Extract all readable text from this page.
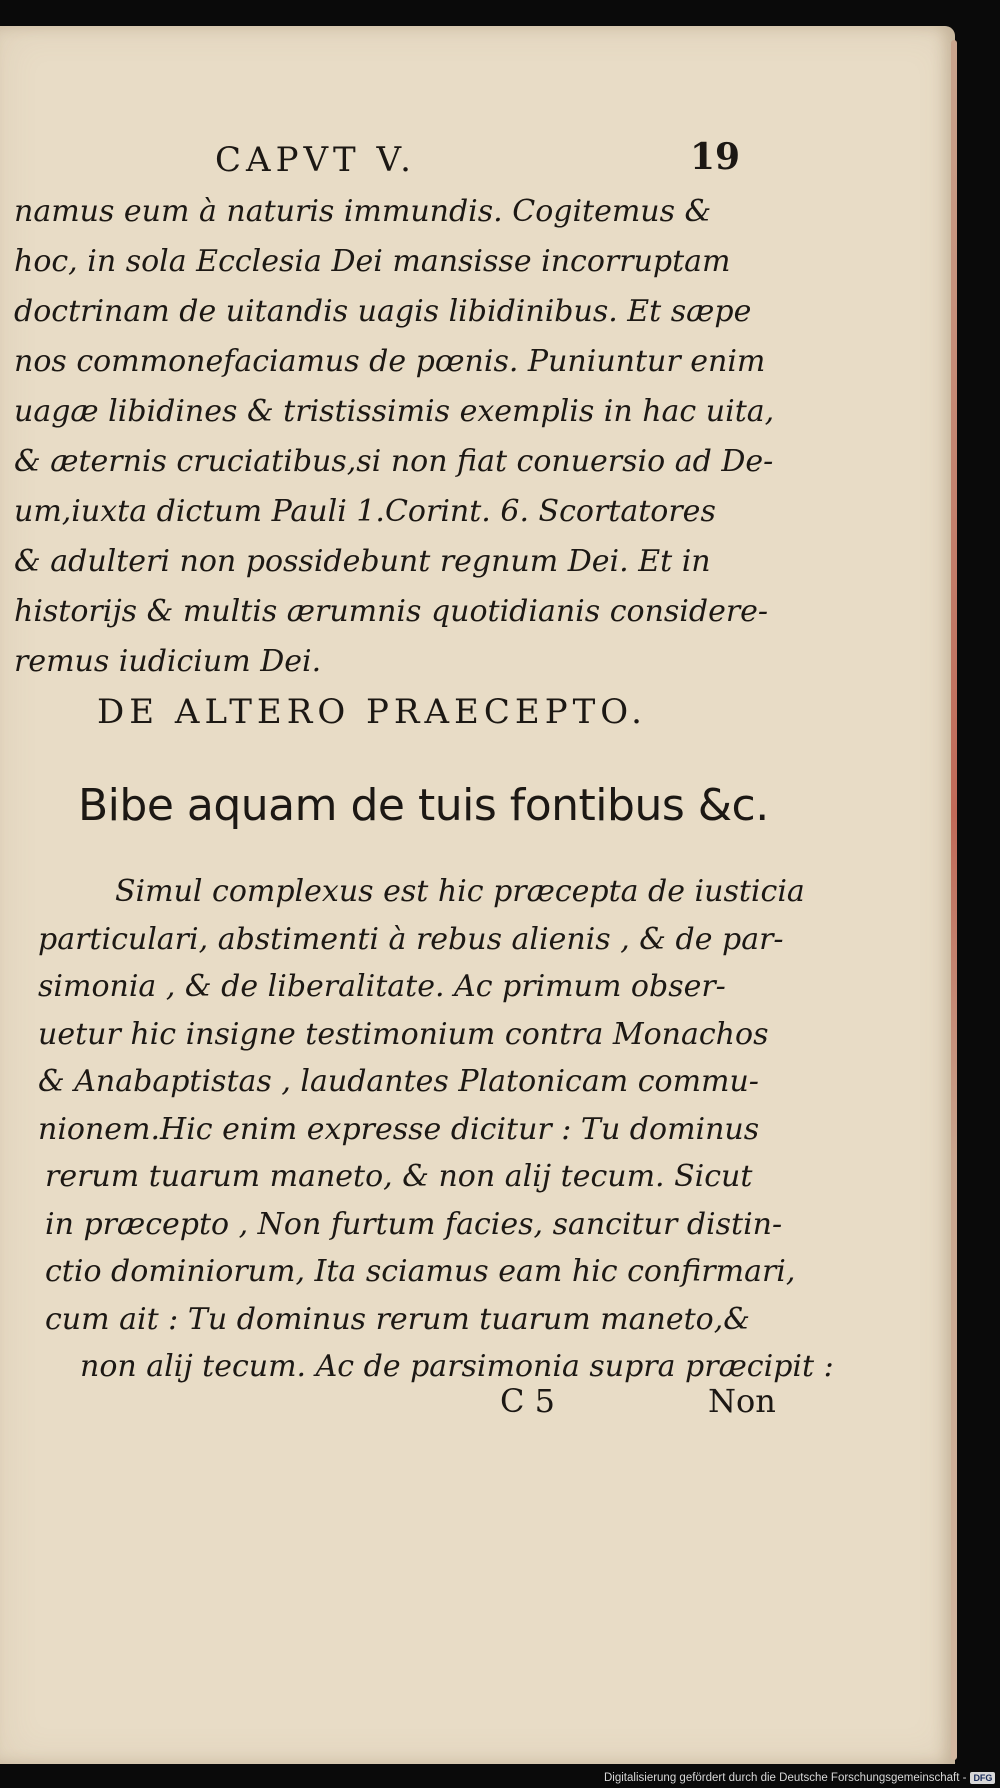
CAPVT V.	19
namus eum à naturis immundis. Cogitemus &
hoc, in sola Ecclesia Dei mansisse incorruptam
doctrinam de uitandis uagis libidinibus. Et sæpe
nos commonefaciamus de pœnis. Puniuntur enim
uagæ libidines & tristissimis exemplis in hac uita,
& æternis cruciatibus,si non fiat conuersio ad De-
um,iuxta dictum Pauli 1.Corint. 6. Scortatores
& adulteri non possidebunt regnum Dei. Et in
historijs & multis ærumnis quotidianis considere-
remus iudicium Dei.
DE ALTERO PRAECEPTO.
Bibe aquam de tuis fontibus &c.
Simul complexus est hic præcepta de iusticia
particulari, abstimenti à rebus alienis , & de par-
simonia , & de liberalitate. Ac primum obser-
uetur hic insigne testimonium contra Monachos
& Anabaptistas , laudantes Platonicam commu-
nionem.Hic enim expresse dicitur : Tu dominus
rerum tuarum maneto, & non alij tecum. Sicut
in præcepto , Non furtum facies, sancitur distin-
ctio dominiorum, Ita sciamus eam hic confirmari,
cum ait : Tu dominus rerum tuarum maneto,&
non alij tecum. Ac de parsimonia supra præcipit :
C 5	Non
Digitalisierung gefördert durch die Deutsche Forschungsgemeinschaft - DFG
